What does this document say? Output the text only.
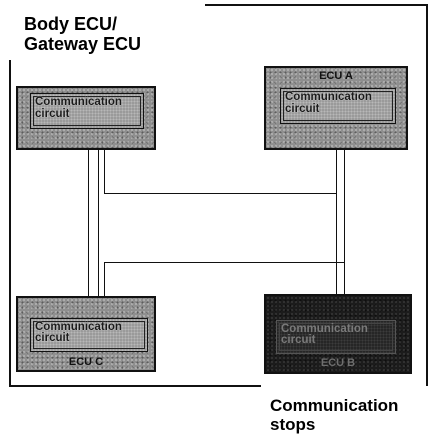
Body ECU/
Gateway ECU
Communication
circuit
ECU A
Communication
circuit
Communication
circuit
ECU C
Communication
circuit
ECU B
Communication
stops
